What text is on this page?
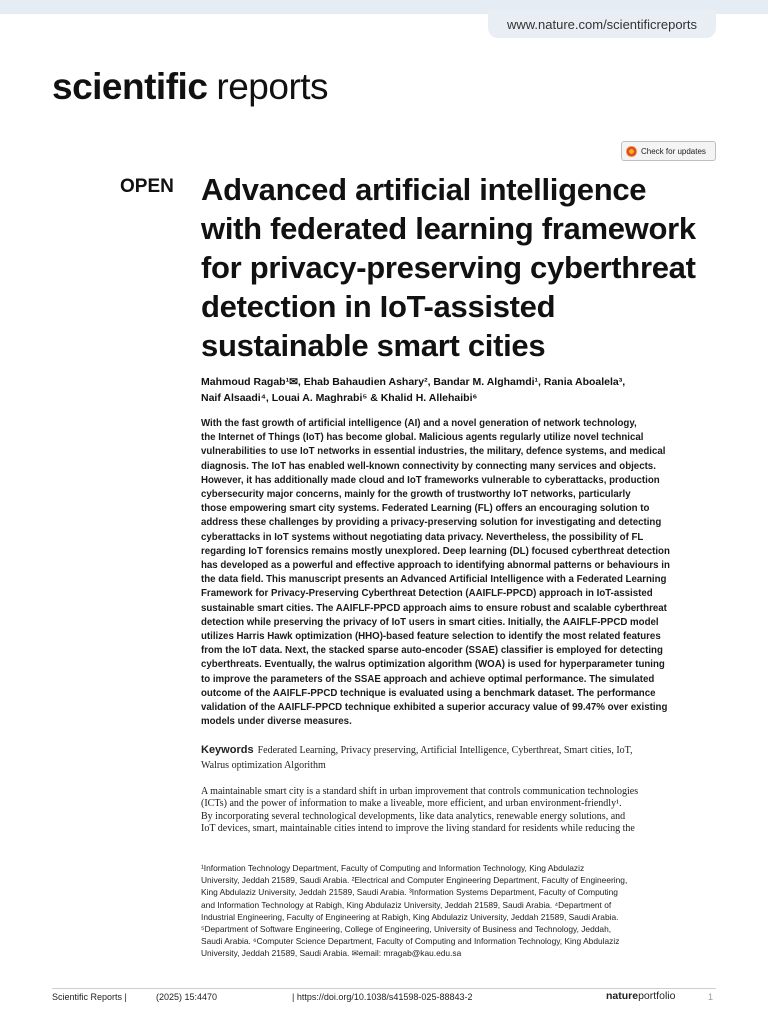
www.nature.com/scientificreports
scientific reports
Check for updates
OPEN Advanced artificial intelligence
with federated learning framework
for privacy-preserving cyberthreat
detection in IoT-assisted
sustainable smart cities
Mahmoud Ragab¹✉, Ehab Bahaudien Ashary², Bandar M. Alghamdi¹, Rania Aboalela³,
Naif Alsaadi⁴, Louai A. Maghrabi⁵ & Khalid H. Allehaibi⁶
With the fast growth of artificial intelligence (AI) and a novel generation of network technology,
the Internet of Things (IoT) has become global. Malicious agents regularly utilize novel technical
vulnerabilities to use IoT networks in essential industries, the military, defence systems, and medical
diagnosis. The IoT has enabled well-known connectivity by connecting many services and objects.
However, it has additionally made cloud and IoT frameworks vulnerable to cyberattacks, production
cybersecurity major concerns, mainly for the growth of trustworthy IoT networks, particularly
those empowering smart city systems. Federated Learning (FL) offers an encouraging solution to
address these challenges by providing a privacy-preserving solution for investigating and detecting
cyberattacks in IoT systems without negotiating data privacy. Nevertheless, the possibility of FL
regarding IoT forensics remains mostly unexplored. Deep learning (DL) focused cyberthreat detection
has developed as a powerful and effective approach to identifying abnormal patterns or behaviours in
the data field. This manuscript presents an Advanced Artificial Intelligence with a Federated Learning
Framework for Privacy-Preserving Cyberthreat Detection (AAIFLF-PPCD) approach in IoT-assisted
sustainable smart cities. The AAIFLF-PPCD approach aims to ensure robust and scalable cyberthreat
detection while preserving the privacy of IoT users in smart cities. Initially, the AAIFLF-PPCD model
utilizes Harris Hawk optimization (HHO)-based feature selection to identify the most related features
from the IoT data. Next, the stacked sparse auto-encoder (SSAE) classifier is employed for detecting
cyberthreats. Eventually, the walrus optimization algorithm (WOA) is used for hyperparameter tuning
to improve the parameters of the SSAE approach and achieve optimal performance. The simulated
outcome of the AAIFLF-PPCD technique is evaluated using a benchmark dataset. The performance
validation of the AAIFLF-PPCD technique exhibited a superior accuracy value of 99.47% over existing
models under diverse measures.
Keywords Federated Learning, Privacy preserving, Artificial Intelligence, Cyberthreat, Smart cities, IoT,
Walrus optimization Algorithm
A maintainable smart city is a standard shift in urban improvement that controls communication technologies
(ICTs) and the power of information to make a liveable, more efficient, and urban environment-friendly¹.
By incorporating several technological developments, like data analytics, renewable energy solutions, and
IoT devices, smart, maintainable cities intend to improve the living standard for residents while reducing the
¹Information Technology Department, Faculty of Computing and Information Technology, King Abdulaziz
University, Jeddah 21589, Saudi Arabia. ²Electrical and Computer Engineering Department, Faculty of Engineering,
King Abdulaziz University, Jeddah 21589, Saudi Arabia. ³Information Systems Department, Faculty of Computing
and Information Technology at Rabigh, King Abdulaziz University, Jeddah 21589, Saudi Arabia. ⁴Department of
Industrial Engineering, Faculty of Engineering at Rabigh, King Abdulaziz University, Jeddah 21589, Saudi Arabia.
⁵Department of Software Engineering, College of Engineering, University of Business and Technology, Jeddah,
Saudi Arabia. ⁶Computer Science Department, Faculty of Computing and Information Technology, King Abdulaziz
University, Jeddah 21589, Saudi Arabia. ✉email: mragab@kau.edu.sa
Scientific Reports |	(2025) 15:4470	| https://doi.org/10.1038/s41598-025-88843-2	natureportfolio	1
